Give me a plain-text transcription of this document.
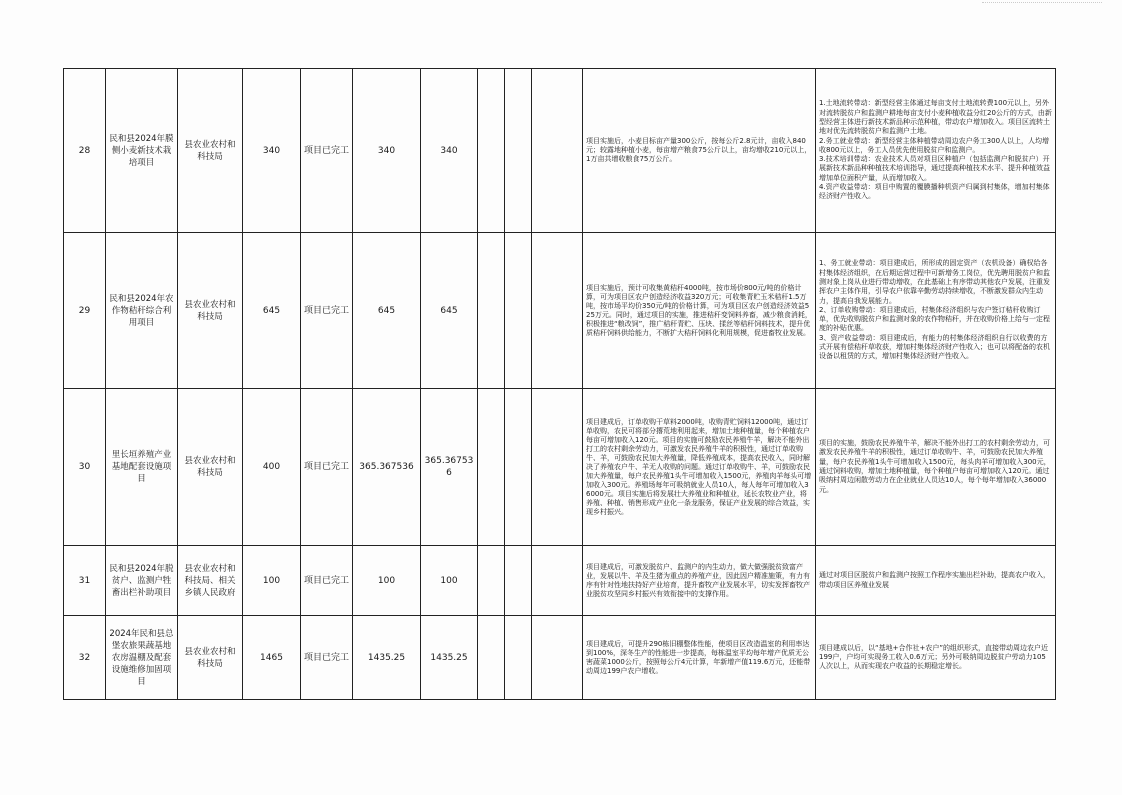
28	民和县2024年膜侧小麦新技术栽培项目	县农业农村和科技局	340	项目已完工	340	340				项目实施后，小麦目标亩产量300公斤，按每公斤2.8元计，亩收入840元；较露地种植小麦，每亩增产粮食75公斤以上，亩均增收210元以上，1万亩共增收粮食75万公斤。	1.土地流转带动：新型经营主体通过每亩支付土地流转费100元以上，另外对流转脱贫户和监测户耕地每亩支付小麦种植收益分红20公斤的方式，由新型经营主体进行新技术新品种示范种植，带动农户增加收入。项目区流转土地对优先流转脱贫户和监测户土地。
2.务工就业带动：新型经营主体种植带动周边农户务工300人以上，人均增收800元以上，务工人员优先使用脱贫户和监测户。
3.技术培训带动：农业技术人员对项目区种植户（包括监测户和脱贫户）开展新技术新品种种植技术培训指导，通过提高种植技术水平、提升种植效益增加单位面积产量，从而增加收入。
4.资产收益带动：项目中购置的覆膜播种机资产归属到村集体，增加村集体经济财产性收入。
29	民和县2024年农作物秸秆综合利用项目	县农业农村和科技局	645	项目已完工	645	645				项目实施后，预计可收集黄秸秆4000吨，按市场价800元/吨的价格计算，可为项目区农户创造经济收益320万元；可收集青贮玉米秸秆1.5万吨，按市场平均价350元/吨的价格计算，可为项目区农户创造经济效益525万元。同时，通过项目的实施，推进秸秆变饲料养畜，减少粮食消耗，积极推进“粮改饲”，推广秸秆青贮、压块、揉丝等秸秆饲料技术，提升优质秸秆饲料供给能力，不断扩大秸秆饲料化利用规模，促进畜牧业发展。	1、务工就业带动：项目建成后，所形成的固定资产（农机设备）确权给各村集体经济组织，在后期运营过程中可新增务工岗位，优先聘用脱贫户和监测对象上岗从业进行带动增收，在此基础上有序带动其他农户发展，注重发挥农户主体作用，引导农户依靠辛勤劳动持续增收，不断激发群众内生动力，提高自我发展能力。
2、订单收购带动：项目建成后，村集体经济组织与农户签订秸秆收购订单，优先收购脱贫户和监测对象的农作物秸秆，并在收购价格上给与一定程度的补贴优惠。
3、资产收益带动：项目建成后，有能力的村集体经济组织自行以收费的方式开展有偿秸秆草收获，增加村集体经济财产性收入；也可以将配备的农机设备以租赁的方式，增加村集体经济财产性收入。
30	里长垣养殖产业基地配套设施项目	县农业农村和科技局	400	项目已完工	365.367536	365.367536				项目建成后，订单收购干草料2000吨，收购青贮饲料12000吨，通过订单收购，农民可将部分撂荒地利用起来，增加土地种植量，每个种植农户每亩可增加收入120元。项目的实施可鼓励农民养殖牛羊，解决不能外出打工的农村剩余劳动力，可激发农民养殖牛羊的积极性，通过订单收购牛、羊，可鼓励农民加大养殖量，降低养殖成本，提高农民收入，同时解决了养殖农户牛、羊无人收购的问题。通过订单收购牛、羊，可鼓励农民加大养殖量，每户农民养殖1头牛可增加收入1500元，养殖肉羊每头可增加收入300元。养殖场每年可吸纳就业人员10人，每人每年可增加收入36000元。项目实施后将发展壮大养殖业和种植业，延长农牧业产业，将养殖、种植、销售形成产业化一条龙服务，保证产业发展的综合效益，实现乡村振兴。	项目的实施，鼓励农民养殖牛羊，解决不能外出打工的农村剩余劳动力，可激发农民养殖牛羊的积极性，通过订单收购牛、羊，可鼓励农民加大养殖量，每户农民养殖1头牛可增加收入1500元，每头肉羊可增加收入300元，通过饲料收购，增加土地种植量，每个种植户每亩可增加收入120元。通过吸纳村周边闲散劳动力在企业就业人员达10人，每个每年增加收入36000元。
31	民和县2024年脱贫户、监测户牲畜出栏补助项目	县农业农村和科技局、相关乡镇人民政府	100	项目已完工	100	100				项目建成后，可激发脱贫户、监测户的内生动力，做大做强脱贫致富产业，发展以牛、羊及生猪为重点的养殖产业，因此因户精准施策，有力有序有针对性地扶持好产业培育，提升畜牧产业发展水平，切实发挥畜牧产业脱贫攻坚同乡村振兴有效衔接中的支撑作用。	通过对项目区脱贫户和监测户按照工作程序实施出栏补助，提高农户收入，带动项目区养殖业发展
32	2024年民和县总堡农旅果蔬基地农房温棚及配套设施维修加固项目	县农业农村和科技局	1465	项目已完工	1435.25	1435.25				项目建成后，可提升290栋旧棚整体性能，使项目区改造温室的利用率达到100%，深冬生产的性能进一步提高，每栋温室平均每年增产优质无公害蔬菜1000公斤，按照每公斤4元计算，年新增产值119.6万元，还能带动周边199户农户增收。	项目建成以后，以“基地+合作社+农户”的组织形式，直接带动周边农户近199户，户均可实现务工收入0.6万元；另外可吸纳周边脱贫户劳动力105人次以上，从而实现农户收益的长期稳定增长。
